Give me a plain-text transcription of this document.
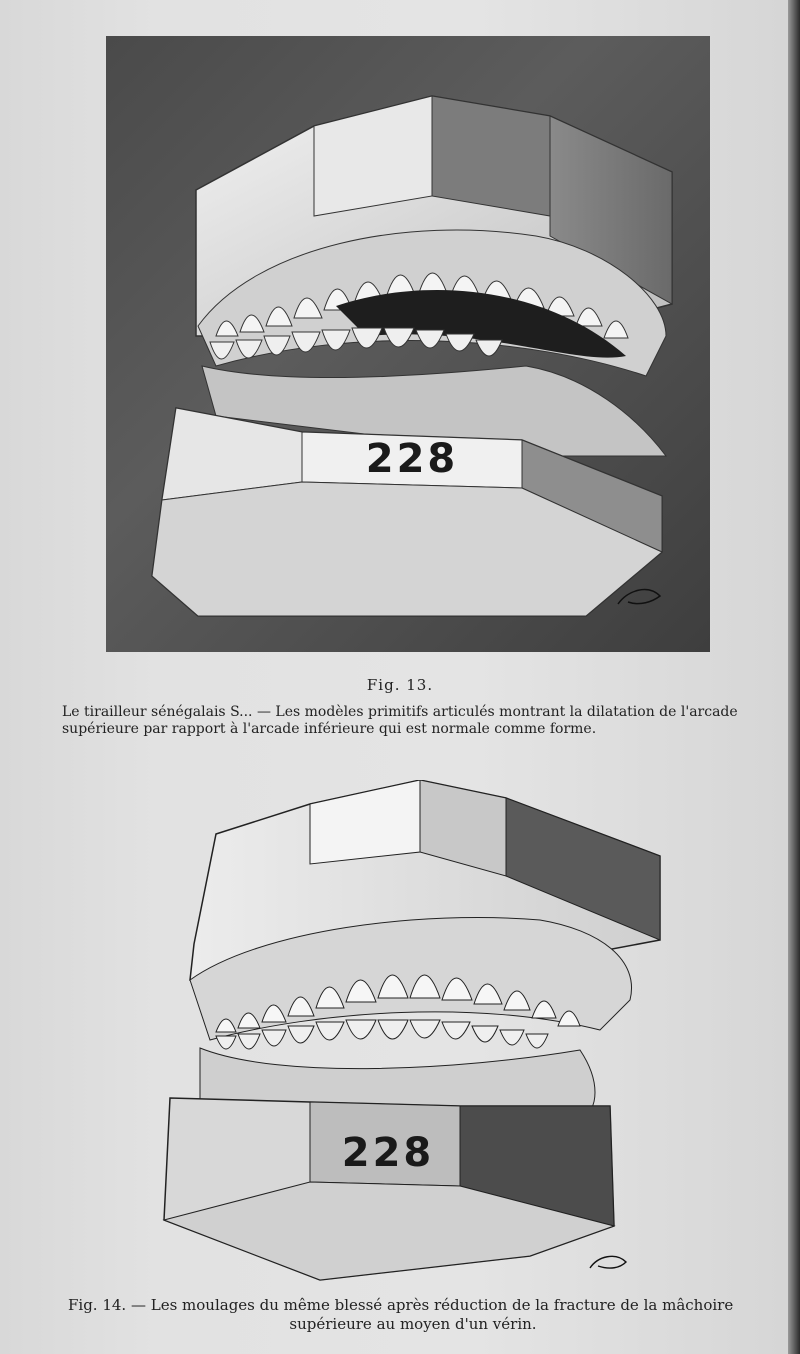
228
Fig. 13.
Le tirailleur sénégalais S... — Les modèles primitifs articulés montrant la dilatation de l'arcade supérieure par rapport à l'arcade inférieure qui est normale comme forme.
228
Fig. 14. — Les moulages du même blessé après réduction de la fracture de la mâchoire
supérieure au moyen d'un vérin.
